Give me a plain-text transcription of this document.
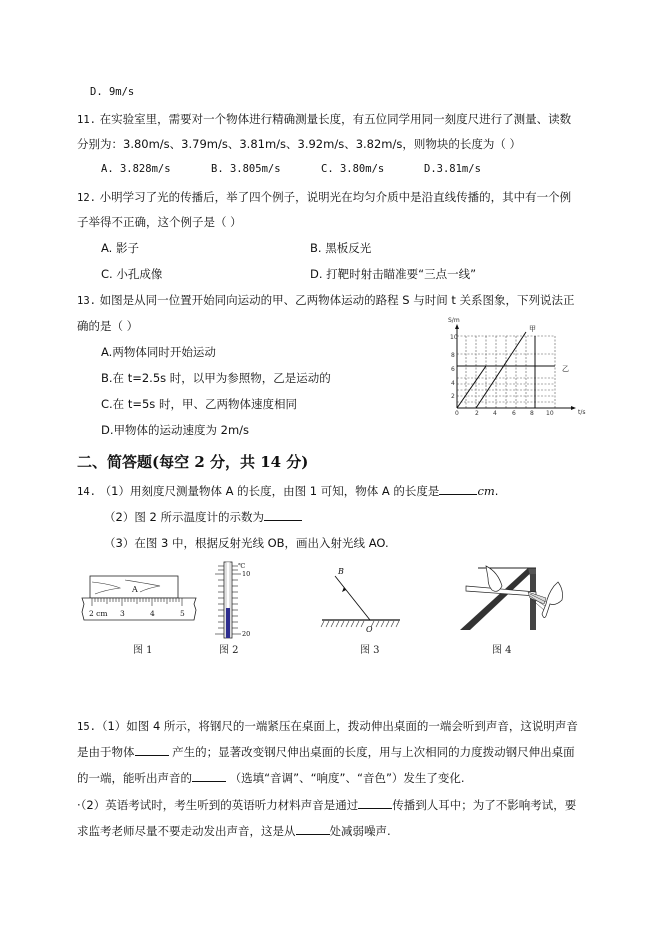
D. 9m/s
11. 在实验室里，需要对一个物体进行精确测量长度，有五位同学用同一刻度尺进行了测量、读数
分别为：3.80m/s、3.79m/s、3.81m/s、3.92m/s、3.82m/s，则物块的长度为（ ）
A. 3.828m/s	B. 3.805m/s	C. 3.80m/s	D.3.81m/s
12. 小明学习了光的传播后，举了四个例子，说明光在均匀介质中是沿直线传播的，其中有一个例
子举得不正确，这个例子是（ ）
A. 影子	B. 黑板反光
C. 小孔成像	D. 打靶时射击瞄准要“三点一线”
13. 如图是从同一位置开始同向运动的甲、乙两物体运动的路程 S 与时间 t 关系图象，下列说法正
确的是（ ）
A.两物体同时开始运动
B.在 t=2.5s 时，以甲为参照物，乙是运动的
C.在 t=5s 时，甲、乙两物体速度相同
D.甲物体的运动速度为 2m/s
S/m
t/s
10
8
6
4
2
0	2 4	6 8 10
甲
乙
二、简答题(每空 2 分，共 14 分)
14. （1）用刻度尺测量物体 A 的长度，由图 1 可知，物体 A 的长度是	cm.
（2）图 2 所示温度计的示数为
（3）在图 3 中，根据反射光线 OB，画出入射光线 AO.
A
2 cm 3	4	5
图 1
℃
10
20
图 2
B
O
图 3	图 4
15.（1）如图 4 所示，将钢尺的一端紧压在桌面上，拨动伸出桌面的一端会听到声音，这说明声音
是由于物体	产生的；显著改变钢尺伸出桌面的长度，用与上次相同的力度拨动钢尺伸出桌面
的一端，能听出声音的	（选填“音调”、“响度”、“音色”）发生了变化.
·（2）英语考试时，考生听到的英语听力材料声音是通过	传播到人耳中；为了不影响考试，要
求监考老师尽量不要走动发出声音，这是从	处减弱噪声.
